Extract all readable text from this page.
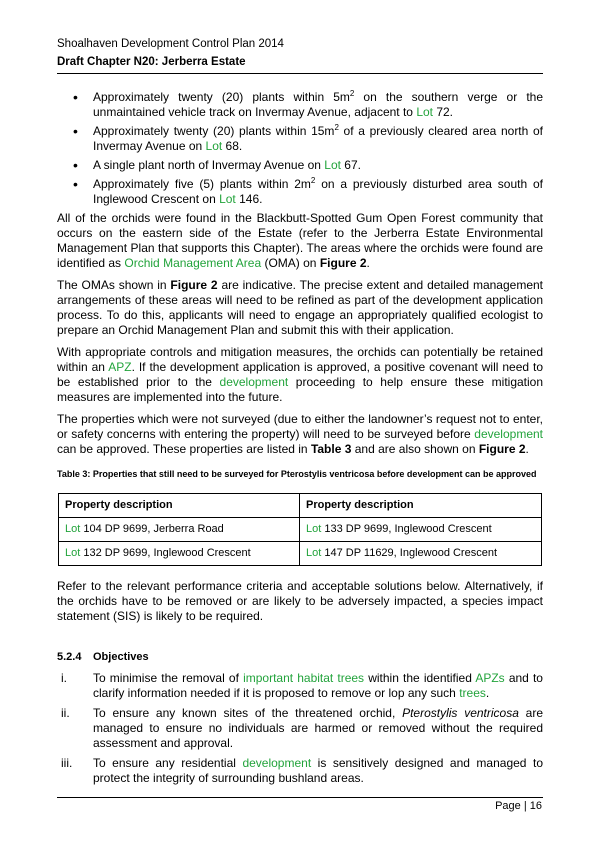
Shoalhaven Development Control Plan 2014
Draft Chapter N20: Jerberra Estate
• Approximately twenty (20) plants within $5m^2$ on the southern verge or the unmaintained vehicle track on Invermay Avenue, adjacent to Lot 72.
• Approximately twenty (20) plants within $15m^2$ of a previously cleared area north of Invermay Avenue on Lot 68.
• A single plant north of Invermay Avenue on Lot 67.
• Approximately five (5) plants within $2m^2$ on a previously disturbed area south of Inglewood Crescent on Lot 146.

All of the orchids were found in the Blackbutt-Spotted Gum Open Forest community that occurs on the eastern side of the Estate (refer to the Jerberra Estate Environmental Management Plan that supports this Chapter). The areas where the orchids were found are identified as Orchid Management Area (OMA) on Figure 2.

The OMAs shown in Figure 2 are indicative. The precise extent and detailed management arrangements of these areas will need to be refined as part of the development application process. To do this, applicants will need to engage an appropriately qualified ecologist to prepare an Orchid Management Plan and submit this with their application.

With appropriate controls and mitigation measures, the orchids can potentially be retained within an APZ. If the development application is approved, a positive covenant will need to be established prior to the development proceeding to help ensure these mitigation measures are implemented into the future.

The properties which were not surveyed (due to either the landowner’s request not to enter, or safety concerns with entering the property) will need to be surveyed before development can be approved. These properties are listed in Table 3 and are also shown on Figure 2.

Table 3: Properties that still need to be surveyed for Pterostylis ventricosa before development can be approved
Property description	Property description
Lot 104 DP 9699, Jerberra Road	Lot 133 DP 9699, Inglewood Crescent
Lot 132 DP 9699, Inglewood Crescent	Lot 147 DP 11629, Inglewood Crescent

Refer to the relevant performance criteria and acceptable solutions below. Alternatively, if the orchids have to be removed or are likely to be adversely impacted, a species impact statement (SIS) is likely to be required.

5.2.4 Objectives
i. To minimise the removal of important habitat trees within the identified APZs and to clarify information needed if it is proposed to remove or lop any such trees.
ii. To ensure any known sites of the threatened orchid, Pterostylis ventricosa are managed to ensure no individuals are harmed or removed without the required assessment and approval.
iii. To ensure any residential development is sensitively designed and managed to protect the integrity of surrounding bushland areas.
Page | 16
